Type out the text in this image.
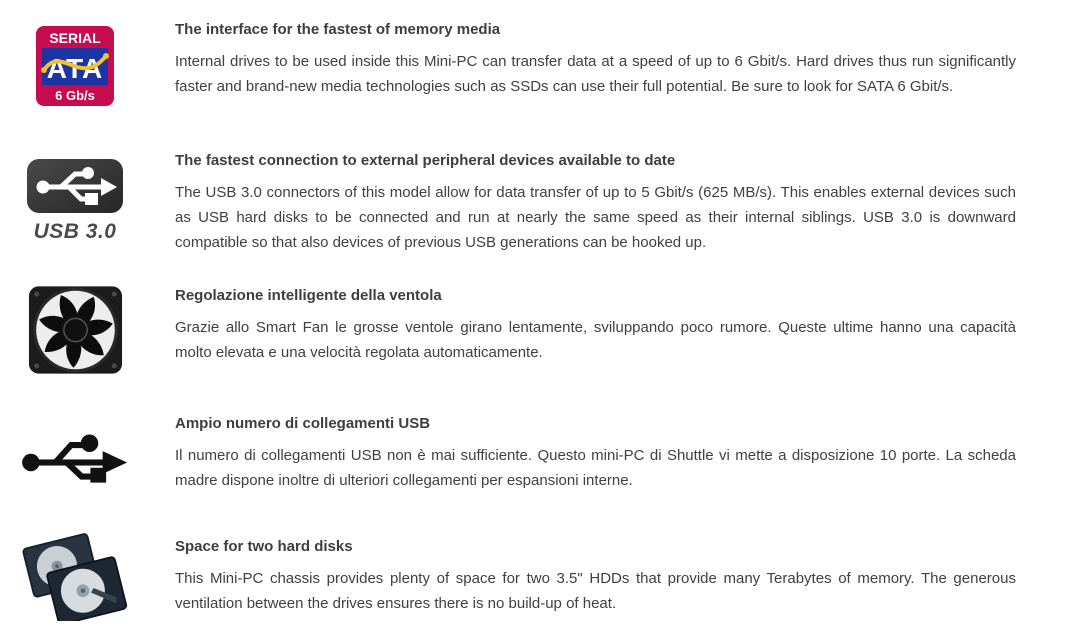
SERIAL
ATA
6 Gb/s
The interface for the fastest of memory media

Internal drives to be used inside this Mini-PC can transfer data at a speed of up to 6 Gbit/s. Hard drives thus run significantly faster and brand-new media technologies such as SSDs can use their full potential. Be sure to look for SATA 6 Gbit/s.

USB 3.0
The fastest connection to external peripheral devices available to date

The USB 3.0 connectors of this model allow for data transfer of up to 5 Gbit/s (625 MB/s). This enables external devices such as USB hard disks to be connected and run at nearly the same speed as their internal siblings. USB 3.0 is downward compatible so that also devices of previous USB generations can be hooked up.

Regolazione intelligente della ventola

Grazie allo Smart Fan le grosse ventole girano lentamente, sviluppando poco rumore. Queste ultime hanno una capacità molto elevata e una velocità regolata automaticamente.

Ampio numero di collegamenti USB

Il numero di collegamenti USB non è mai sufficiente. Questo mini-PC di Shuttle vi mette a disposizione 10 porte. La scheda madre dispone inoltre di ulteriori collegamenti per espansioni interne.

Space for two hard disks

This Mini-PC chassis provides plenty of space for two 3.5" HDDs that provide many Terabytes of memory. The generous ventilation between the drives ensures there is no build-up of heat.
